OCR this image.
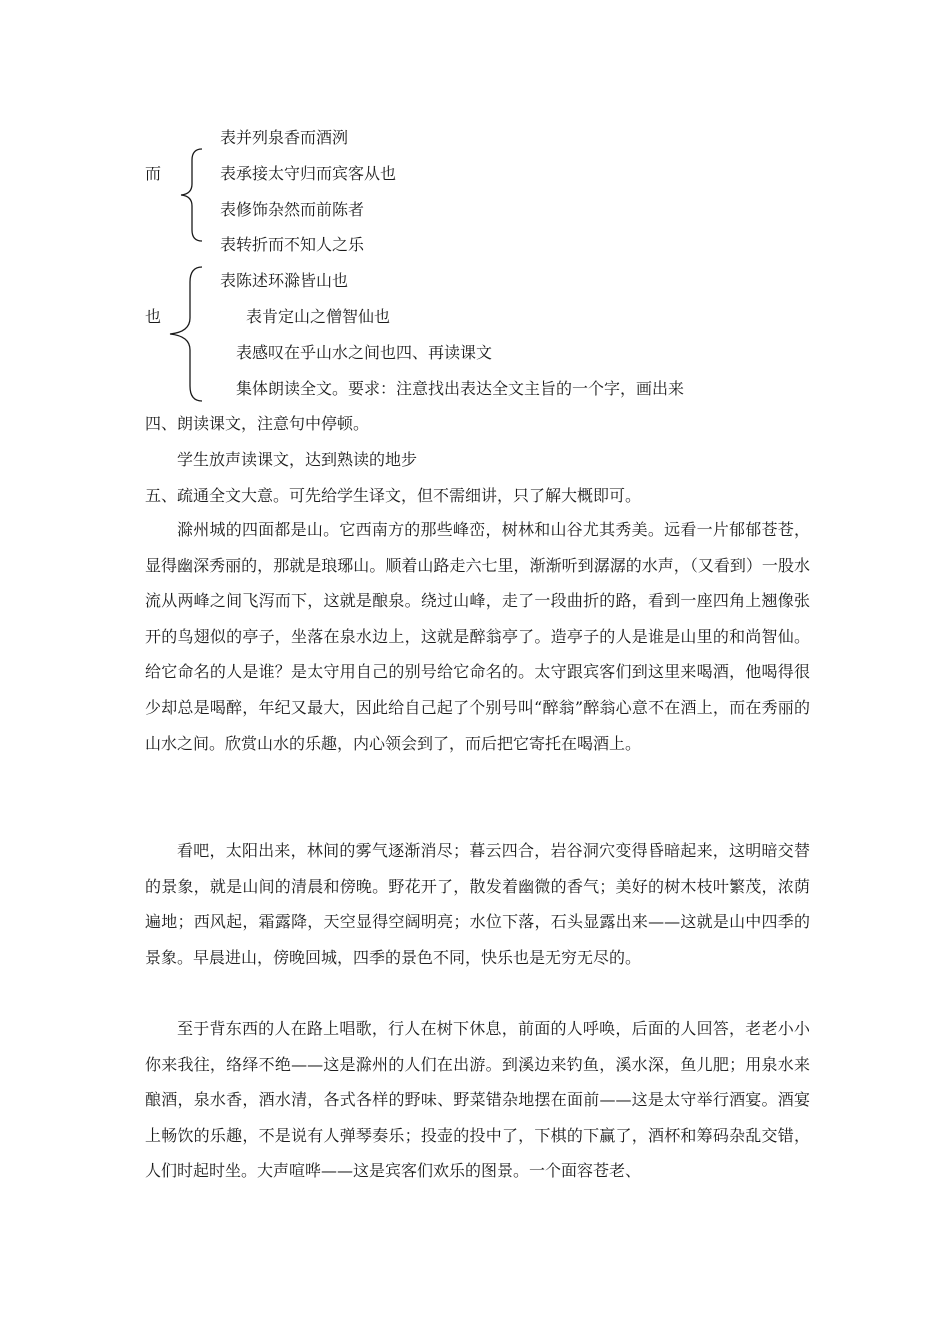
而
表并列泉香而酒洌
表承接太守归而宾客从也
表修饰杂然而前陈者
表转折而不知人之乐
也
表陈述环滁皆山也
表肯定山之僧智仙也
表感叹在乎山水之间也四、再读课文
集体朗读全文。要求：注意找出表达全文主旨的一个字，画出来
四、朗读课文，注意句中停顿。
学生放声读课文，达到熟读的地步
五、疏通全文大意。可先给学生译文，但不需细讲，只了解大概即可。

滁州城的四面都是山。它西南方的那些峰峦，树林和山谷尤其秀美。远看一片郁郁苍苍，显得幽深秀丽的，那就是琅琊山。顺着山路走六七里，渐渐听到潺潺的水声，（又看到）一股水流从两峰之间飞泻而下，这就是酿泉。绕过山峰，走了一段曲折的路，看到一座四角上翘像张开的鸟翅似的亭子，坐落在泉水边上，这就是醉翁亭了。造亭子的人是谁是山里的和尚智仙。给它命名的人是谁？是太守用自己的别号给它命名的。太守跟宾客们到这里来喝酒，他喝得很少却总是喝醉，年纪又最大，因此给自己起了个别号叫“醉翁”醉翁心意不在酒上，而在秀丽的山水之间。欣赏山水的乐趣，内心领会到了，而后把它寄托在喝酒上。

看吧，太阳出来，林间的雾气逐渐消尽；暮云四合，岩谷洞穴变得昏暗起来，这明暗交替的景象，就是山间的清晨和傍晚。野花开了，散发着幽微的香气；美好的树木枝叶繁茂，浓荫遍地；西风起，霜露降，天空显得空阔明亮；水位下落，石头显露出来——这就是山中四季的景象。早晨进山，傍晚回城，四季的景色不同，快乐也是无穷无尽的。

至于背东西的人在路上唱歌，行人在树下休息，前面的人呼唤，后面的人回答，老老小小你来我往，络绎不绝——这是滁州的人们在出游。到溪边来钓鱼，溪水深，鱼儿肥；用泉水来酿酒，泉水香，酒水清，各式各样的野味、野菜错杂地摆在面前——这是太守举行酒宴。酒宴上畅饮的乐趣，不是说有人弹琴奏乐；投壶的投中了，下棋的下赢了，酒杯和筹码杂乱交错，人们时起时坐。大声喧哗——这是宾客们欢乐的图景。一个面容苍老、
